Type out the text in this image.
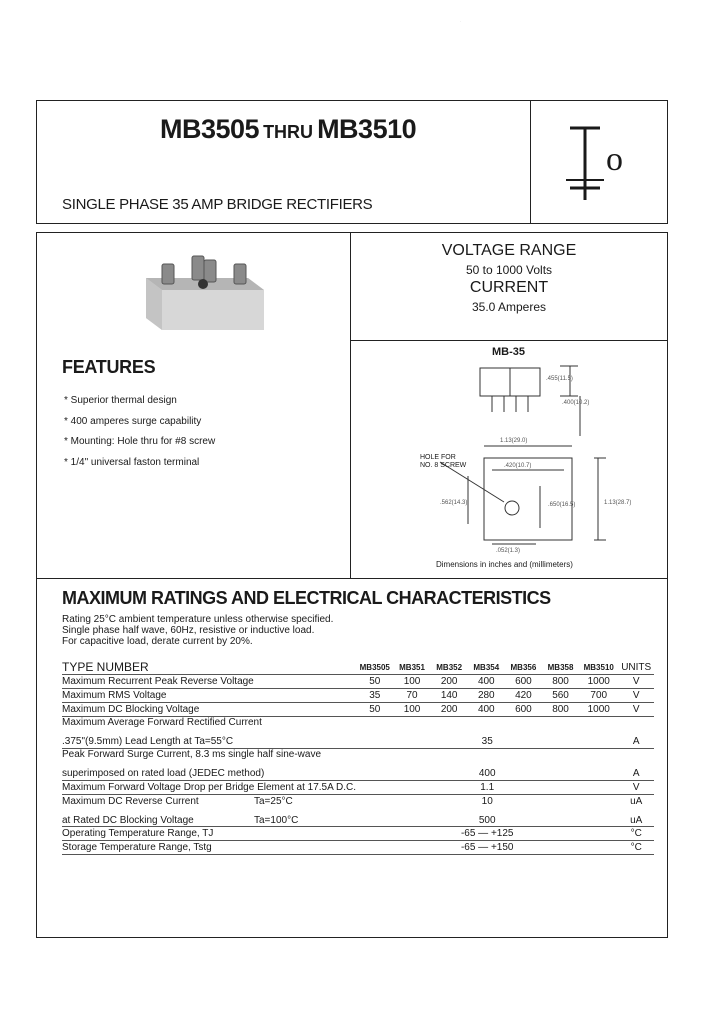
MB3505 THRU MB3510
SINGLE PHASE 35 AMP BRIDGE RECTIFIERS
o
I
VOLTAGE RANGE
50 to 1000 Volts
CURRENT
35.0 Amperes
FEATURES
* Superior thermal design
* 400 amperes surge capability
* Mounting: Hole thru for #8 screw
* 1/4" universal faston terminal
MB-35
.455(11.5)
.400(10.2)
1.13(29.0)
.420(10.7)
.562(14.3)	.650(16.5)	1.13(28.7)
.052(1.3)
HOLE FOR
NO. 8 SCREW
Dimensions in inches and (millimeters)
MAXIMUM RATINGS AND ELECTRICAL CHARACTERISTICS
Rating 25°C ambient temperature unless otherwise specified.
Single phase half wave, 60Hz, resistive or inductive load.
For capacitive load, derate current by 20%.
TYPE NUMBER	MB3505	MB351	MB352	MB354	MB356	MB358	MB3510	UNITS
Maximum Recurrent Peak Reverse Voltage	50	100	200	400	600	800	1000	V
Maximum RMS Voltage	35	70	140	280	420	560	700	V
Maximum DC Blocking Voltage	50	100	200	400	600	800	1000	V
Maximum Average Forward Rectified Current								
.375"(9.5mm) Lead Length at Ta=55°C	35							A
Peak Forward Surge Current, 8.3 ms single half sine-wave								
superimposed on rated load (JEDEC method)	400							A
Maximum Forward Voltage Drop per Bridge Element at 17.5A D.C.	1.1							V
Maximum DC Reverse Current Ta=25°C	10							uA
at Rated DC Blocking Voltage Ta=100°C	500							uA
Operating Temperature Range, TJ	-65 — +125							°C
Storage Temperature Range, Tstg	-65 — +150							°C
